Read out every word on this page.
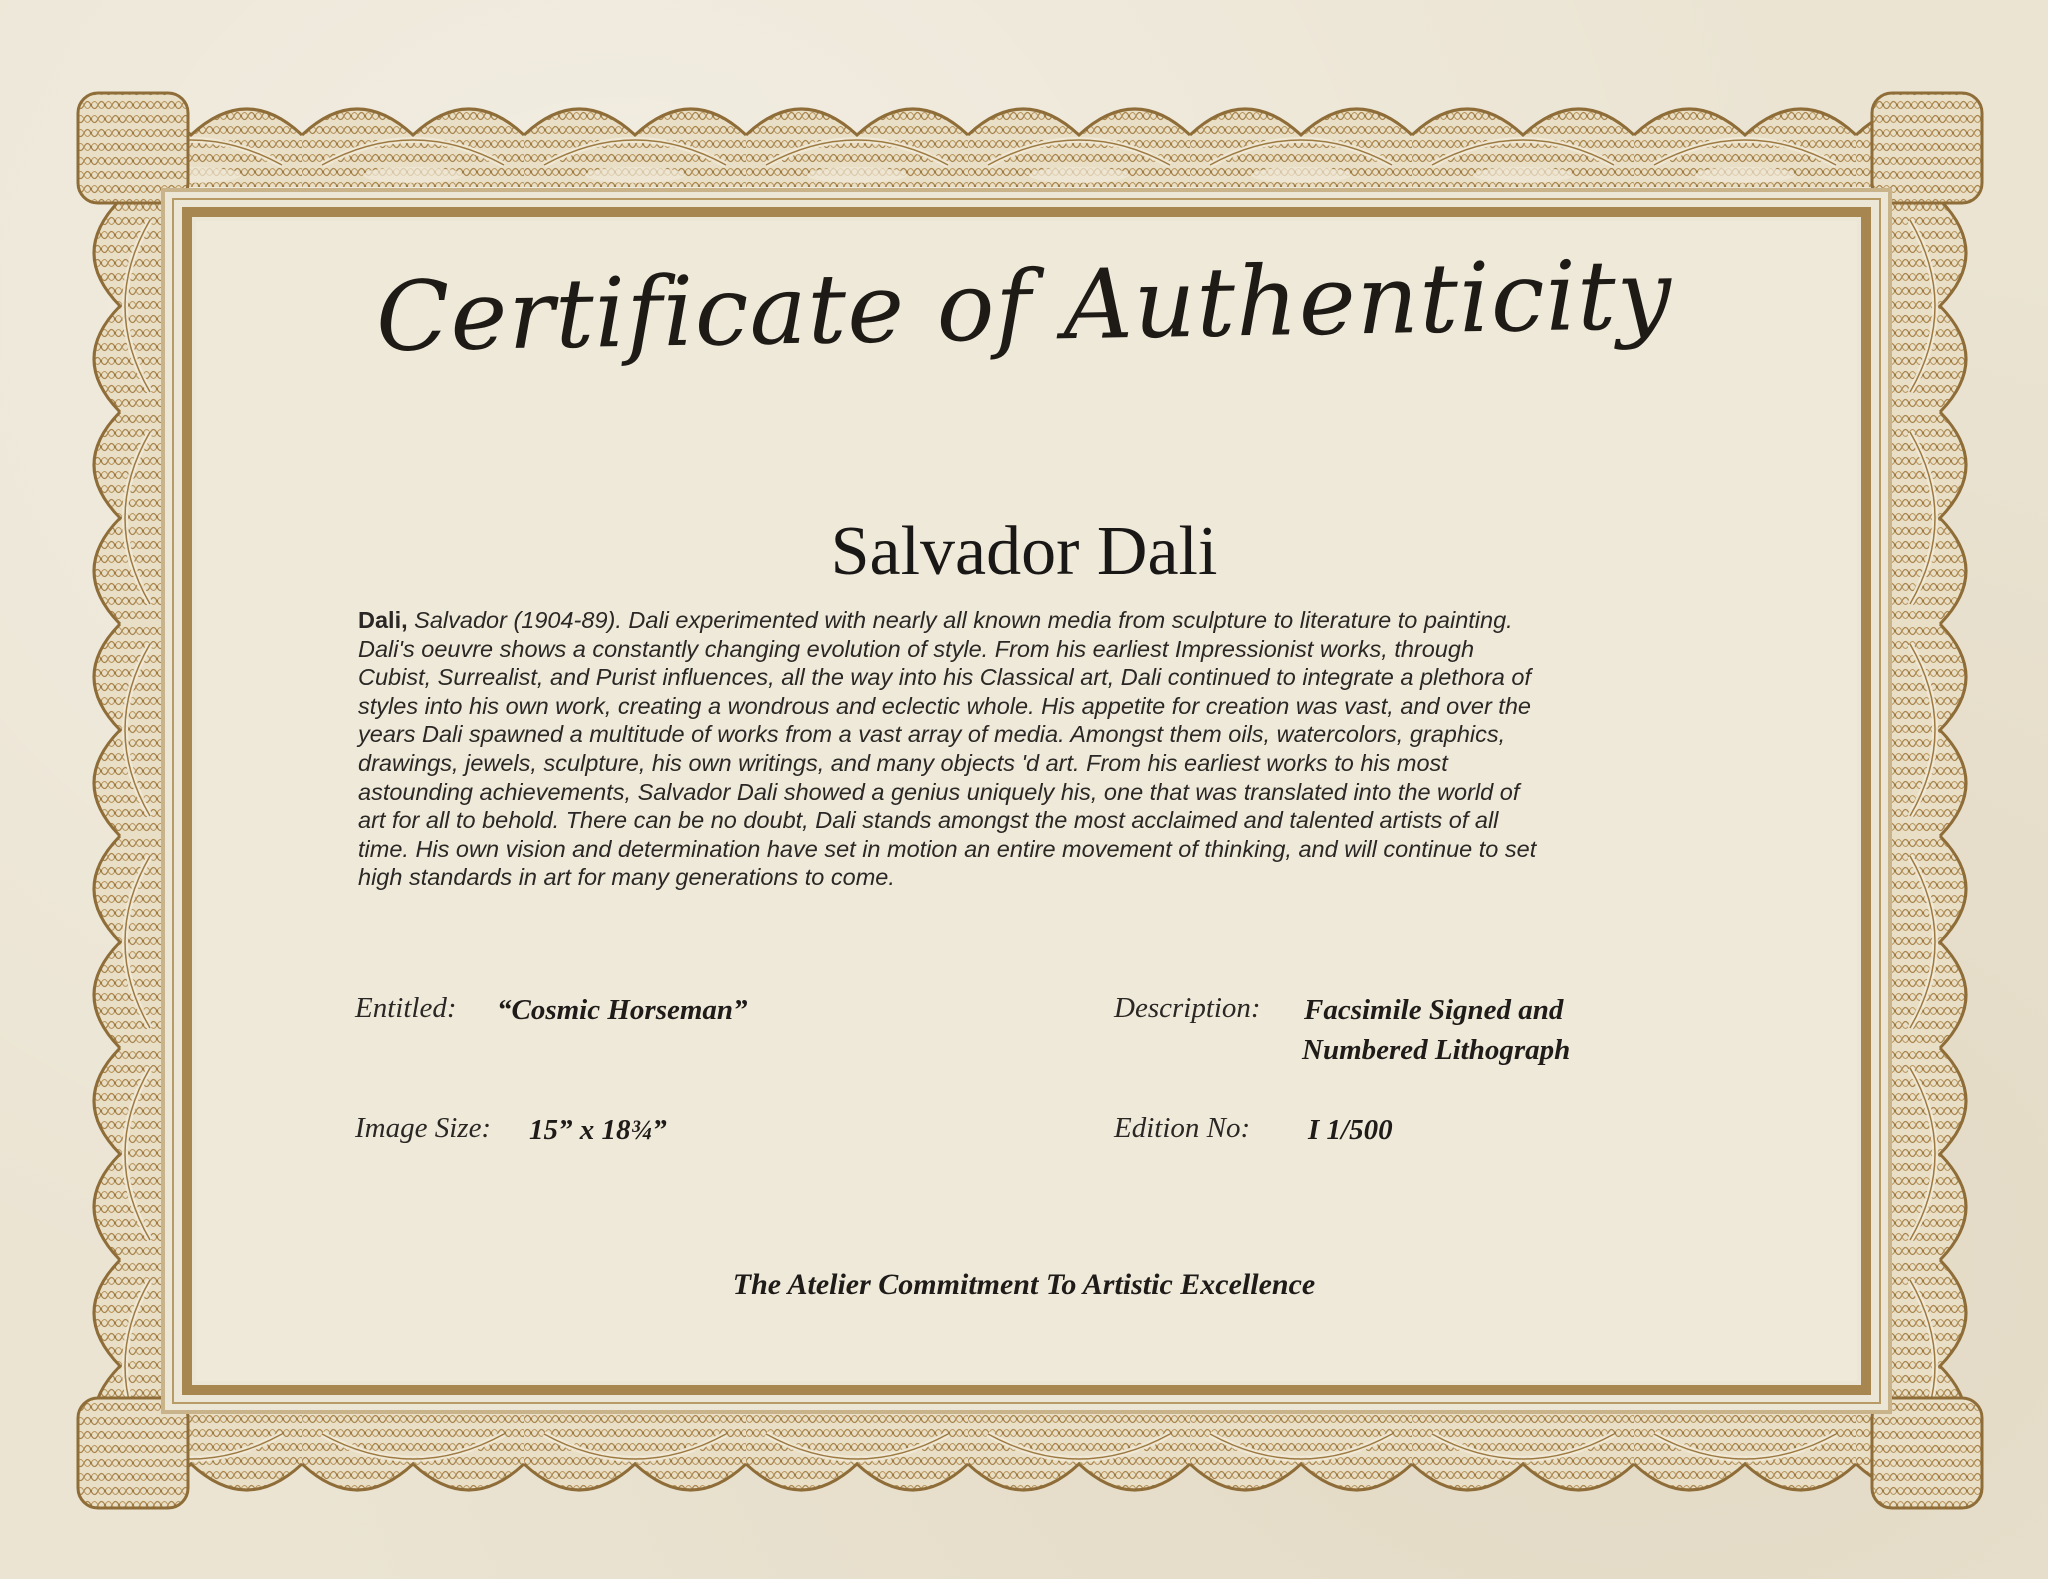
Certificate of Authenticity
Salvador Dali
Dali, Salvador (1904-89). Dali experimented with nearly all known media from sculpture to literature to painting.
Dali's oeuvre shows a constantly changing evolution of style. From his earliest Impressionist works, through
Cubist, Surrealist, and Purist influences, all the way into his Classical art, Dali continued to integrate a plethora of
styles into his own work, creating a wondrous and eclectic whole. His appetite for creation was vast, and over the
years Dali spawned a multitude of works from a vast array of media. Amongst them oils, watercolors, graphics,
drawings, jewels, sculpture, his own writings, and many objects 'd art. From his earliest works to his most
astounding achievements, Salvador Dali showed a genius uniquely his, one that was translated into the world of
art for all to behold. There can be no doubt, Dali stands amongst the most acclaimed and talented artists of all
time. His own vision and determination have set in motion an entire movement of thinking, and will continue to set
high standards in art for many generations to come.
Entitled: “Cosmic Horseman”	Description: Facsimile Signed and
Numbered Lithograph
Image Size: 15” x 18¾”	Edition No: I 1/500
The Atelier Commitment To Artistic Excellence
